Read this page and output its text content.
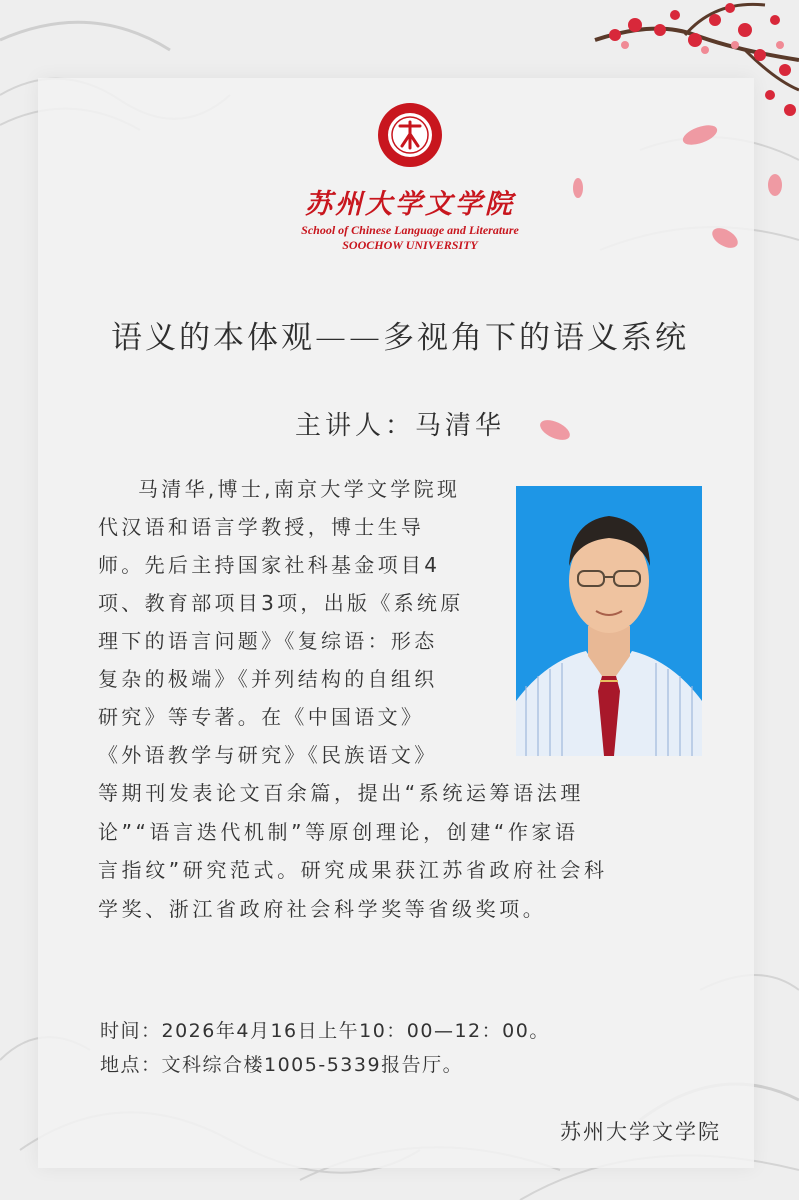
苏州大学文学院
School of Chinese Language and Literature
SOOCHOW UNIVERSITY
语义的本体观——多视角下的语义系统
主讲人：马清华
马清华,博士,南京大学文学院现
代汉语和语言学教授，博士生导
师。先后主持国家社科基金项目4
项、教育部项目3项，出版《系统原
理下的语言问题》《复综语：形态
复杂的极端》《并列结构的自组织
研究》等专著。在《中国语文》
《外语教学与研究》《民族语文》
等期刊发表论文百余篇，提出“系统运筹语法理
论”“语言迭代机制”等原创理论，创建“作家语
言指纹”研究范式。研究成果获江苏省政府社会科
学奖、浙江省政府社会科学奖等省级奖项。
时间：2026年4月16日上午10：00—12：00。
地点：文科综合楼1005-5339报告厅。
苏州大学文学院
